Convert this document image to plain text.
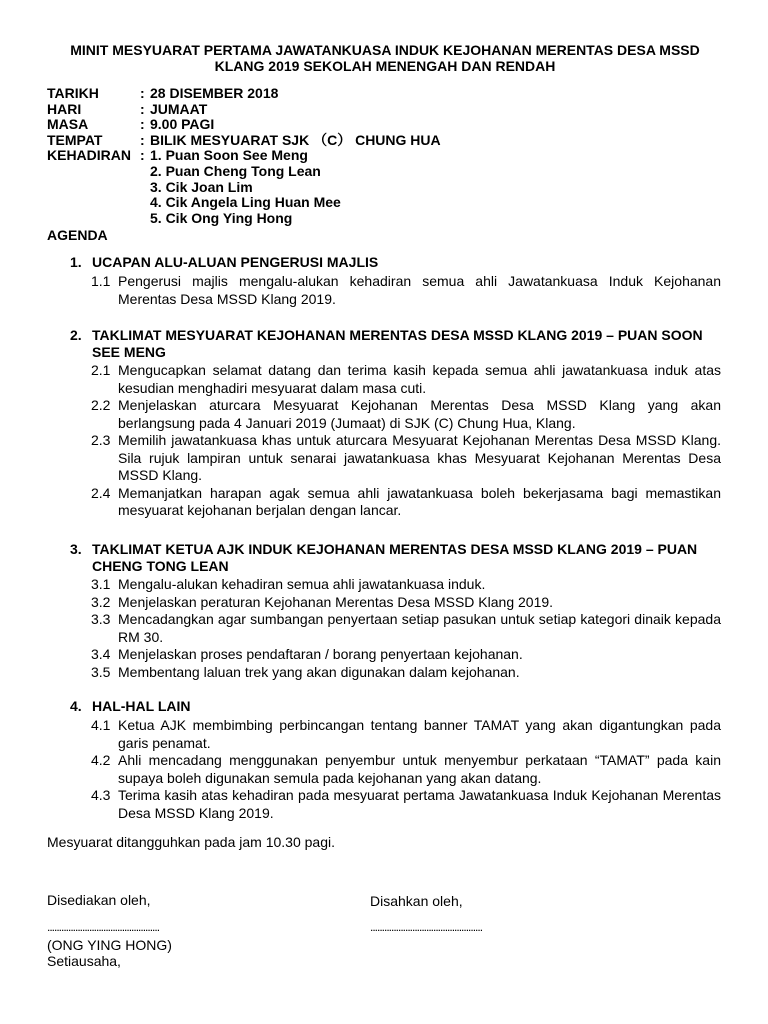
MINIT MESYUARAT PERTAMA JAWATANKUASA INDUK KEJOHANAN MERENTAS DESA MSSD
KLANG 2019 SEKOLAH MENENGAH DAN RENDAH
TARIKH	: 28 DISEMBER 2018
HARI	: JUMAAT
MASA	: 9.00 PAGI
TEMPAT	: BILIK MESYUARAT SJK （C） CHUNG HUA
KEHADIRAN : 1. Puan Soon See Meng
2. Puan Cheng Tong Lean
3. Cik Joan Lim
4. Cik Angela Ling Huan Mee
5. Cik Ong Ying Hong
AGENDA
1. UCAPAN ALU-ALUAN PENGERUSI MAJLIS
1.1 Pengerusi majlis mengalu-alukan kehadiran semua ahli Jawatankuasa Induk Kejohanan Merentas Desa MSSD Klang 2019.
2. TAKLIMAT MESYUARAT KEJOHANAN MERENTAS DESA MSSD KLANG 2019 – PUAN SOON SEE MENG
2.1 Mengucapkan selamat datang dan terima kasih kepada semua ahli jawatankuasa induk atas kesudian menghadiri mesyuarat dalam masa cuti.
2.2 Menjelaskan aturcara Mesyuarat Kejohanan Merentas Desa MSSD Klang yang akan berlangsung pada 4 Januari 2019 (Jumaat) di SJK (C) Chung Hua, Klang.
2.3 Memilih jawatankuasa khas untuk aturcara Mesyuarat Kejohanan Merentas Desa MSSD Klang. Sila rujuk lampiran untuk senarai jawatankuasa khas Mesyuarat Kejohanan Merentas Desa MSSD Klang.
2.4 Memanjatkan harapan agak semua ahli jawatankuasa boleh bekerjasama bagi memastikan mesyuarat kejohanan berjalan dengan lancar.
3. TAKLIMAT KETUA AJK INDUK KEJOHANAN MERENTAS DESA MSSD KLANG 2019 – PUAN CHENG TONG LEAN
3.1 Mengalu-alukan kehadiran semua ahli jawatankuasa induk.
3.2 Menjelaskan peraturan Kejohanan Merentas Desa MSSD Klang 2019.
3.3 Mencadangkan agar sumbangan penyertaan setiap pasukan untuk setiap kategori dinaik kepada RM 30.
3.4 Menjelaskan proses pendaftaran / borang penyertaan kejohanan.
3.5 Membentang laluan trek yang akan digunakan dalam kejohanan.
4. HAL-HAL LAIN
4.1 Ketua AJK membimbing perbincangan tentang banner TAMAT yang akan digantungkan pada garis penamat.
4.2 Ahli mencadang menggunakan penyembur untuk menyembur perkataan “TAMAT” pada kain supaya boleh digunakan semula pada kejohanan yang akan datang.
4.3 Terima kasih atas kehadiran pada mesyuarat pertama Jawatankuasa Induk Kejohanan Merentas Desa MSSD Klang 2019.
Mesyuarat ditangguhkan pada jam 10.30 pagi.
Disediakan oleh,	Disahkan oleh,
................................................	................................................
(ONG YING HONG)
Setiausaha,
